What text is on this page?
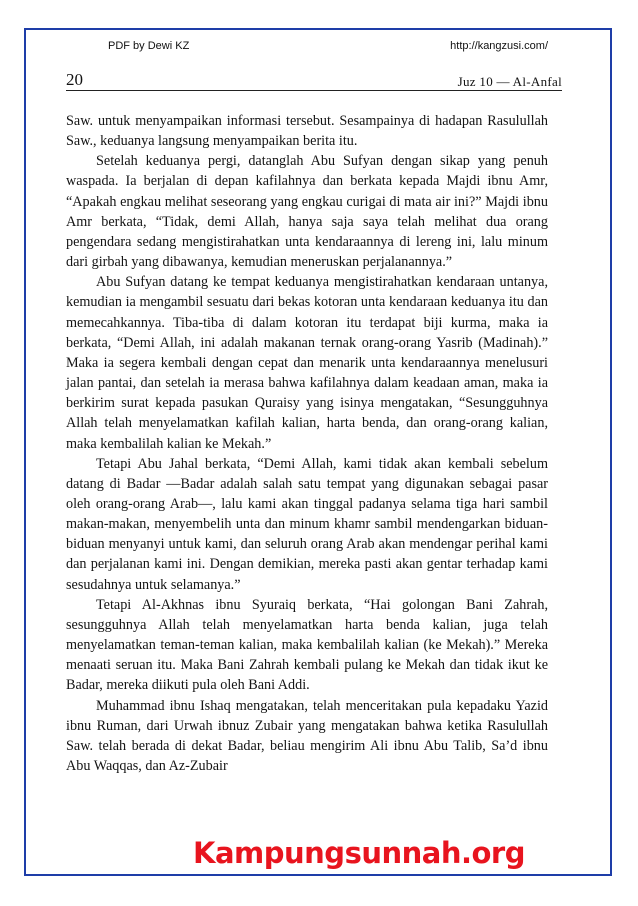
PDF by Dewi KZ	http://kangzusi.com/
20	Juz 10 — Al-Anfal

Saw. untuk menyampaikan informasi tersebut. Sesampainya di hadapan Rasulullah Saw., keduanya langsung menyampaikan berita itu.

Setelah keduanya pergi, datanglah Abu Sufyan dengan sikap yang penuh waspada. Ia berjalan di depan kafilahnya dan berkata kepada Majdi ibnu Amr, “Apakah engkau melihat seseorang yang engkau curigai di mata air ini?” Majdi ibnu Amr berkata, “Tidak, demi Allah, hanya saja saya telah melihat dua orang pengendara sedang mengistirahatkan unta kendaraannya di lereng ini, lalu minum dari girbah yang dibawanya, kemudian meneruskan perjalanannya.”

Abu Sufyan datang ke tempat keduanya mengistirahatkan kendaraan untanya, kemudian ia mengambil sesuatu dari bekas kotoran unta kendaraan keduanya itu dan memecahkannya. Tiba-tiba di dalam kotoran itu terdapat biji kurma, maka ia berkata, “Demi Allah, ini adalah makanan ternak orang-orang Yasrib (Madinah).” Maka ia segera kembali dengan cepat dan menarik unta kendaraannya menelusuri jalan pantai, dan setelah ia merasa bahwa kafilahnya dalam keadaan aman, maka ia berkirim surat kepada pasukan Quraisy yang isinya mengatakan, “Sesungguhnya Allah telah menyelamatkan kafilah kalian, harta benda, dan orang-orang kalian, maka kembalilah kalian ke Mekah.”

Tetapi Abu Jahal berkata, “Demi Allah, kami tidak akan kembali sebelum datang di Badar —Badar adalah salah satu tempat yang digunakan sebagai pasar oleh orang-orang Arab—, lalu kami akan tinggal padanya selama tiga hari sambil makan-makan, menyembelih unta dan minum khamr sambil mendengarkan biduan-biduan menyanyi untuk kami, dan seluruh orang Arab akan mendengar perihal kami dan perjalanan kami ini. Dengan demikian, mereka pasti akan gentar terhadap kami sesudahnya untuk selamanya.”

Tetapi Al-Akhnas ibnu Syuraiq berkata, “Hai golongan Bani Zahrah, sesungguhnya Allah telah menyelamatkan harta benda kalian, juga telah menyelamatkan teman-teman kalian, maka kembalilah kalian (ke Mekah).” Mereka menaati seruan itu. Maka Bani Zahrah kembali pulang ke Mekah dan tidak ikut ke Badar, mereka diikuti pula oleh Bani Addi.

Muhammad ibnu Ishaq mengatakan, telah menceritakan pula kepadaku Yazid ibnu Ruman, dari Urwah ibnuz Zubair yang mengatakan bahwa ketika Rasulullah Saw. telah berada di dekat Badar, beliau mengirim Ali ibnu Abu Talib, Sa’d ibnu Abu Waqqas, dan Az-Zubair

Kampungsunnah.org
